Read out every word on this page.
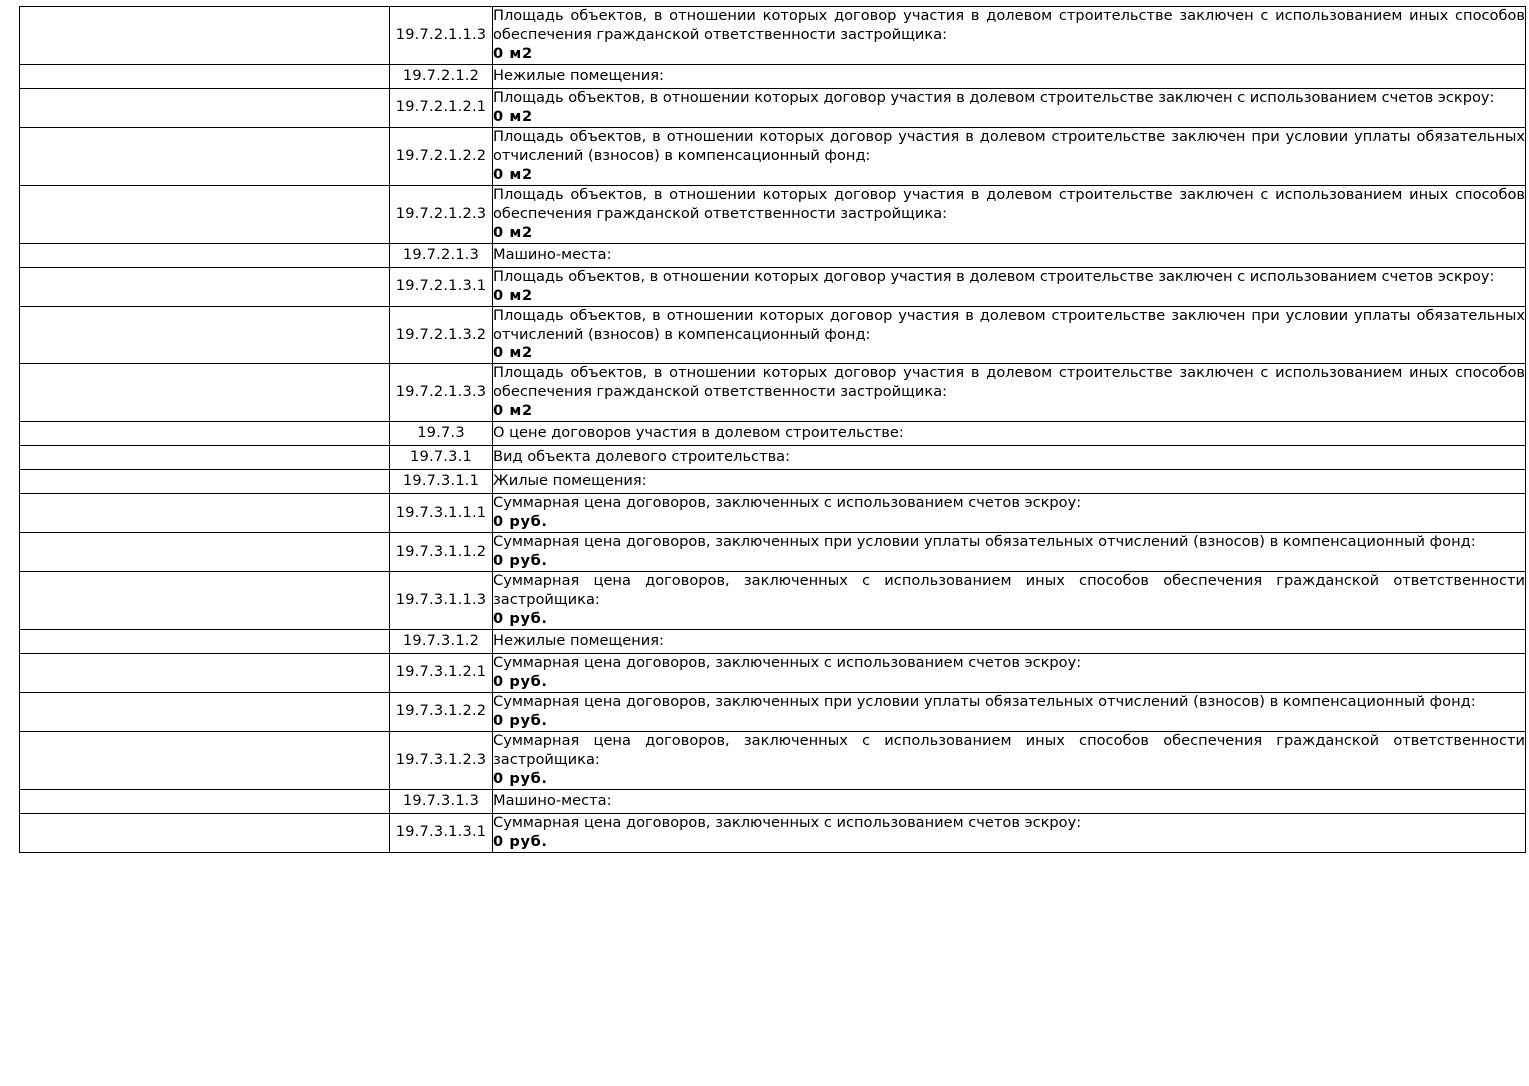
	19.7.2.1.1.3	Площадь объектов, в отношении которых договор участия в долевом строительстве заключен с использованием иных способов обеспечения гражданской ответственности застройщика:
0 м2

	19.7.2.1.2	Нежилые помещения:

	19.7.2.1.2.1	Площадь объектов, в отношении которых договор участия в долевом строительстве заключен с использованием счетов эскроу:
0 м2

	19.7.2.1.2.2	Площадь объектов, в отношении которых договор участия в долевом строительстве заключен при условии уплаты обязательных отчислений (взносов) в компенсационный фонд:
0 м2

	19.7.2.1.2.3	Площадь объектов, в отношении которых договор участия в долевом строительстве заключен с использованием иных способов обеспечения гражданской ответственности застройщика:
0 м2

	19.7.2.1.3	Машино-места:

	19.7.2.1.3.1	Площадь объектов, в отношении которых договор участия в долевом строительстве заключен с использованием счетов эскроу:
0 м2

	19.7.2.1.3.2	Площадь объектов, в отношении которых договор участия в долевом строительстве заключен при условии уплаты обязательных отчислений (взносов) в компенсационный фонд:
0 м2

	19.7.2.1.3.3	Площадь объектов, в отношении которых договор участия в долевом строительстве заключен с использованием иных способов обеспечения гражданской ответственности застройщика:
0 м2

	19.7.3	О цене договоров участия в долевом строительстве:

	19.7.3.1	Вид объекта долевого строительства:

	19.7.3.1.1	Жилые помещения:

	19.7.3.1.1.1	Суммарная цена договоров, заключенных с использованием счетов эскроу:
0 руб.

	19.7.3.1.1.2	Суммарная цена договоров, заключенных при условии уплаты обязательных отчислений (взносов) в компенсационный фонд:
0 руб.

	19.7.3.1.1.3	Суммарная цена договоров, заключенных с использованием иных способов обеспечения гражданской ответственности застройщика:
0 руб.

	19.7.3.1.2	Нежилые помещения:

	19.7.3.1.2.1	Суммарная цена договоров, заключенных с использованием счетов эскроу:
0 руб.

	19.7.3.1.2.2	Суммарная цена договоров, заключенных при условии уплаты обязательных отчислений (взносов) в компенсационный фонд:
0 руб.

	19.7.3.1.2.3	Суммарная цена договоров, заключенных с использованием иных способов обеспечения гражданской ответственности застройщика:
0 руб.

	19.7.3.1.3	Машино-места:

	19.7.3.1.3.1	Суммарная цена договоров, заключенных с использованием счетов эскроу:
0 руб.
